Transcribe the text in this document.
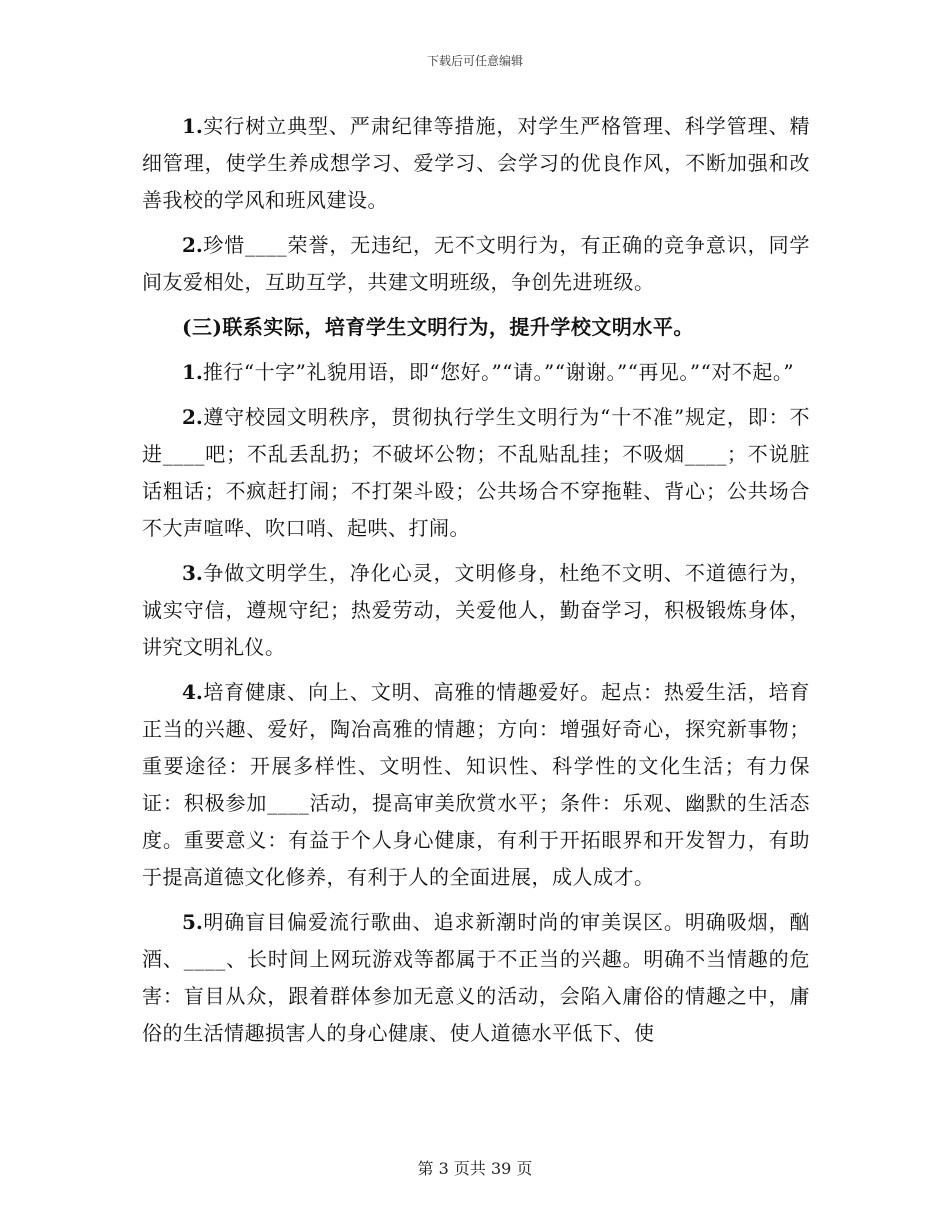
下载后可任意编辑

1.实行树立典型、严肃纪律等措施，对学生严格管理、科学管理、精细管理，使学生养成想学习、爱学习、会学习的优良作风，不断加强和改善我校的学风和班风建设。

2.珍惜____荣誉，无违纪，无不文明行为，有正确的竞争意识，同学间友爱相处，互助互学，共建文明班级，争创先进班级。

(三)联系实际，培育学生文明行为，提升学校文明水平。

1.推行“十字”礼貌用语，即“您好。”“请。”“谢谢。”“再见。”“对不起。”

2.遵守校园文明秩序，贯彻执行学生文明行为“十不准”规定，即：不进____吧；不乱丢乱扔；不破坏公物；不乱贴乱挂；不吸烟____；不说脏话粗话；不疯赶打闹；不打架斗殴；公共场合不穿拖鞋、背心；公共场合不大声喧哗、吹口哨、起哄、打闹。

3.争做文明学生，净化心灵，文明修身，杜绝不文明、不道德行为，诚实守信，遵规守纪；热爱劳动，关爱他人，勤奋学习，积极锻炼身体，讲究文明礼仪。

4.培育健康、向上、文明、高雅的情趣爱好。起点：热爱生活，培育正当的兴趣、爱好，陶冶高雅的情趣；方向：增强好奇心，探究新事物；重要途径：开展多样性、文明性、知识性、科学性的文化生活；有力保证：积极参加____活动，提高审美欣赏水平；条件：乐观、幽默的生活态度。重要意义：有益于个人身心健康，有利于开拓眼界和开发智力，有助于提高道德文化修养，有利于人的全面进展，成人成才。

5.明确盲目偏爱流行歌曲、追求新潮时尚的审美误区。明确吸烟，酗酒、____、长时间上网玩游戏等都属于不正当的兴趣。明确不当情趣的危害：盲目从众，跟着群体参加无意义的活动，会陷入庸俗的情趣之中，庸俗的生活情趣损害人的身心健康、使人道德水平低下、使

第 3 页共 39 页
